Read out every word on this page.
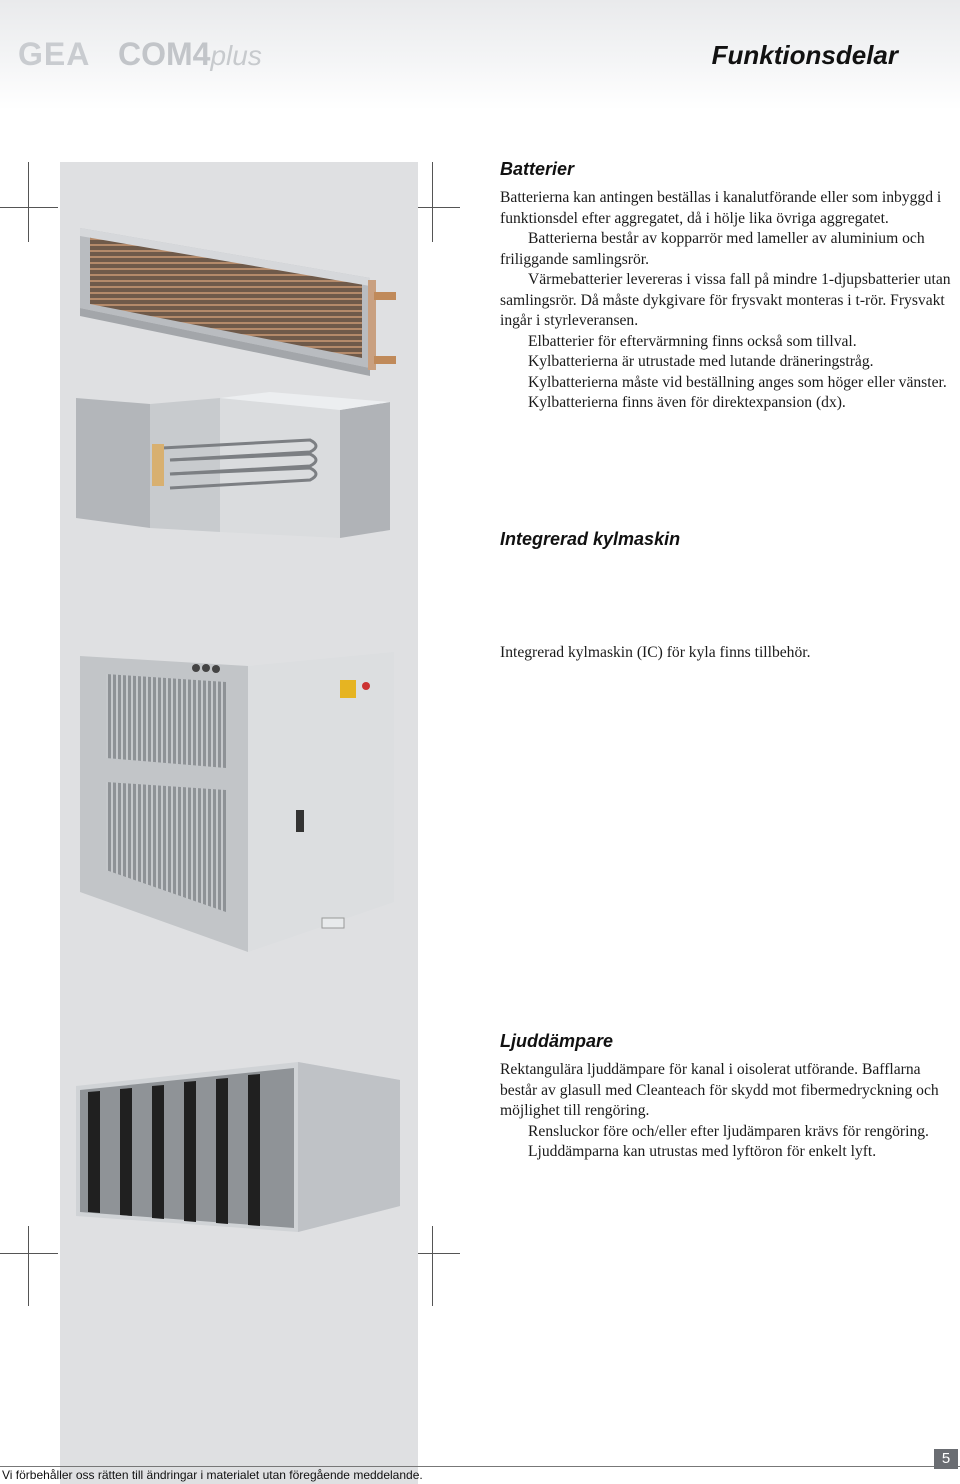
GEA COM4plus	Funktionsdelar
Batterier

Batterierna kan antingen beställas i kanalutförande eller som inbyggd i funktionsdel efter aggregatet, då i hölje lika övriga aggregatet.

Batterierna består av kopparrör med lameller av aluminium och friliggande samlingsrör.

Värmebatterier levereras i vissa fall på mindre 1-djupsbatterier utan samlingsrör. Då måste dykgivare för frysvakt monteras i t-rör. Frysvakt ingår i styrleveransen.

Elbatterier för eftervärmning finns också som tillval.

Kylbatterierna är utrustade med lutande dräneringstråg.

Kylbatterierna måste vid beställning anges som höger eller vänster.

Kylbatterierna finns även för direktexpansion (dx).

Integrerad kylmaskin

Integrerad kylmaskin (IC) för kyla finns tillbehör.

Ljuddämpare

Rektangulära ljuddämpare för kanal i oisolerat utförande. Bafflarna består av glasull med Cleanteach för skydd mot fibermedryckning och möjlighet till rengöring.

Rensluckor före och/eller efter ljudämparen krävs för rengöring.

Ljuddämparna kan utrustas med lyftöron för enkelt lyft.

Vi förbehåller oss rätten till ändringar i materialet utan föregående meddelande.
5
